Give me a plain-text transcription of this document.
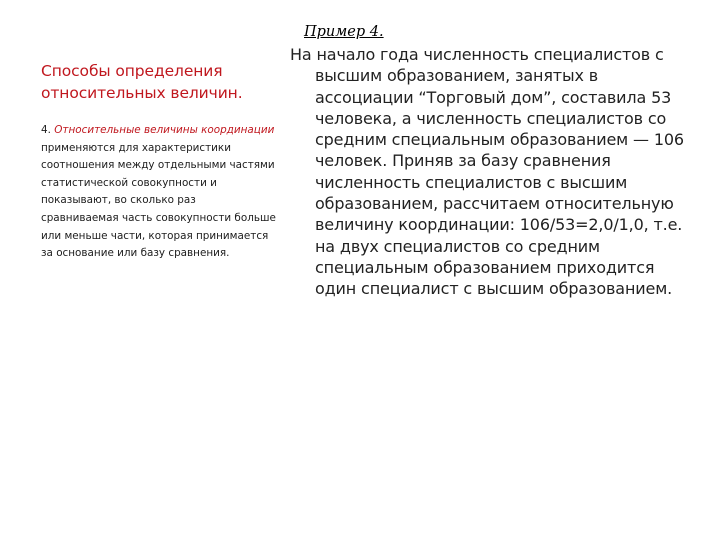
Способы определения
относительных величин.

4. Относительные величины координации применяются для характеристики соотношения между отдельными частями статистической совокупности и показывают, во сколько раз сравниваемая часть совокупности больше или меньше части, которая принимается за основание или базу сравнения.

Пример 4.

На начало года численность специалистов с высшим образованием, занятых в ассоциации “Торговый дом”, составила 53 человека, а численность специалистов со средним специальным образованием — 106 человек. Приняв за базу сравнения численность специалистов с высшим образованием, рассчитаем относительную величину координации: 106/53=2,0/1,0, т.е. на двух специалистов со средним специальным образованием приходится один специалист с высшим образованием.
